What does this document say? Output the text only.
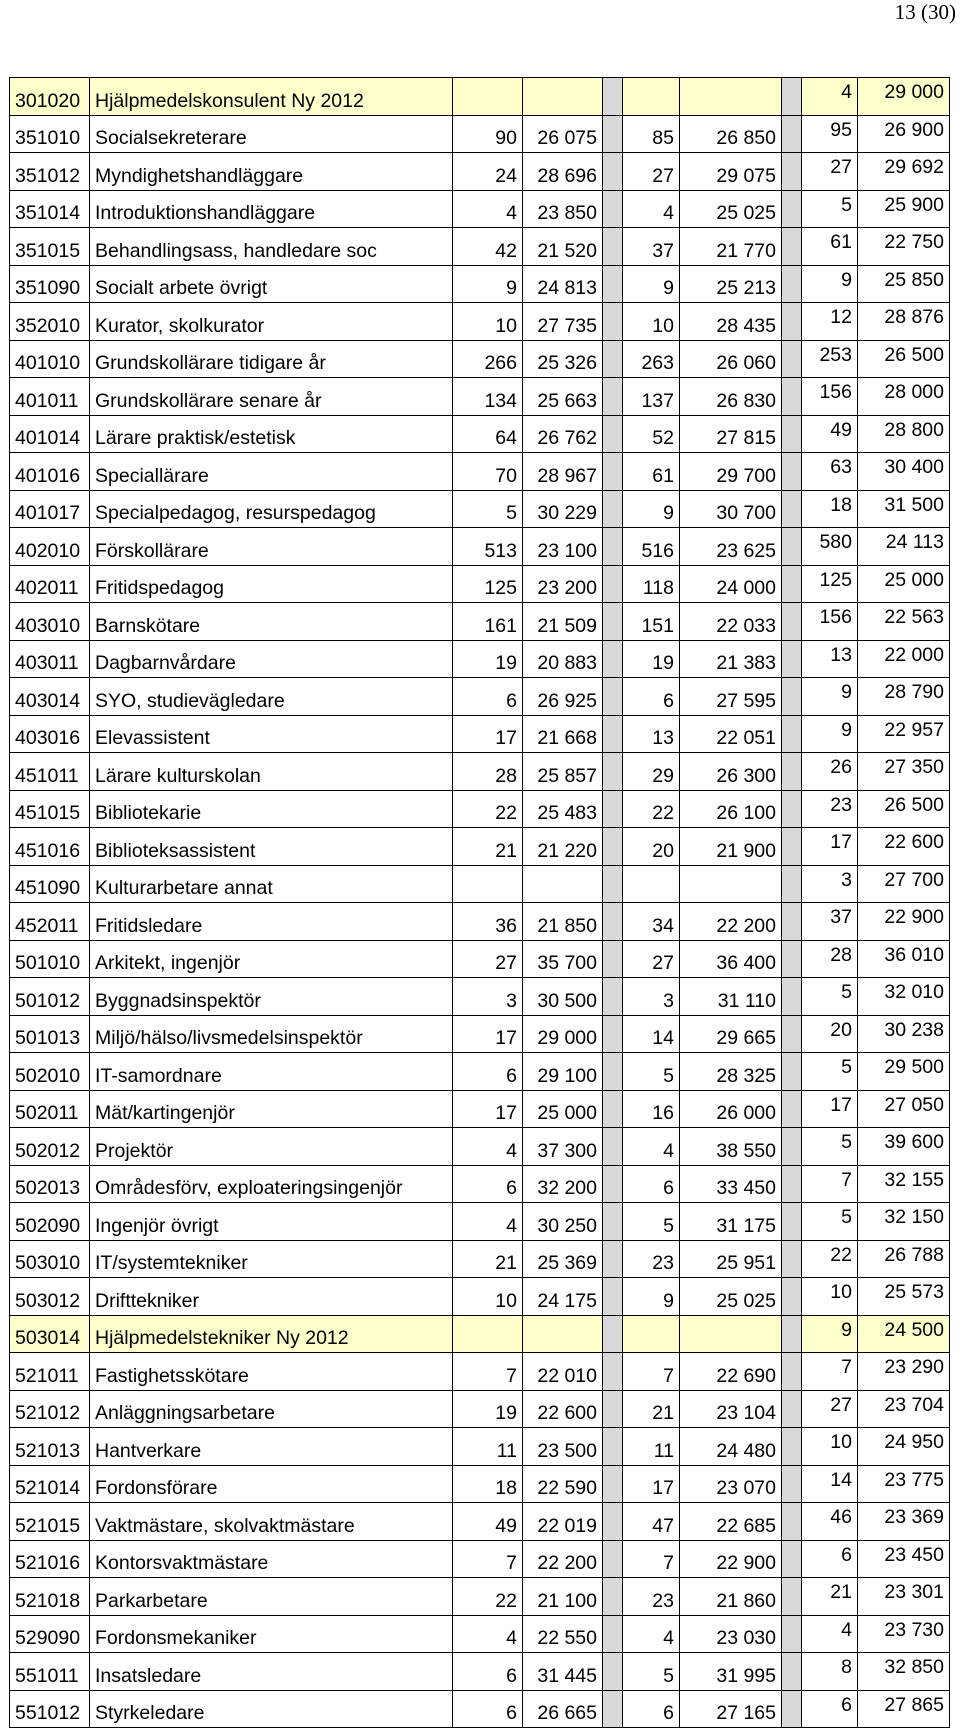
13 (30)
301020	Hjälpmedelskonsulent Ny 2012							4	29 000
351010	Socialsekreterare	90	26 075		85	26 850		95	26 900
351012	Myndighetshandläggare	24	28 696		27	29 075		27	29 692
351014	Introduktionshandläggare	4	23 850		4	25 025		5	25 900
351015	Behandlingsass, handledare soc	42	21 520		37	21 770		61	22 750
351090	Socialt arbete övrigt	9	24 813		9	25 213		9	25 850
352010	Kurator, skolkurator	10	27 735		10	28 435		12	28 876
401010	Grundskollärare tidigare år	266	25 326		263	26 060		253	26 500
401011	Grundskollärare senare år	134	25 663		137	26 830		156	28 000
401014	Lärare praktisk/estetisk	64	26 762		52	27 815		49	28 800
401016	Speciallärare	70	28 967		61	29 700		63	30 400
401017	Specialpedagog, resurspedagog	5	30 229		9	30 700		18	31 500
402010	Förskollärare	513	23 100		516	23 625		580	24 113
402011	Fritidspedagog	125	23 200		118	24 000		125	25 000
403010	Barnskötare	161	21 509		151	22 033		156	22 563
403011	Dagbarnvårdare	19	20 883		19	21 383		13	22 000
403014	SYO, studievägledare	6	26 925		6	27 595		9	28 790
403016	Elevassistent	17	21 668		13	22 051		9	22 957
451011	Lärare kulturskolan	28	25 857		29	26 300		26	27 350
451015	Bibliotekarie	22	25 483		22	26 100		23	26 500
451016	Biblioteksassistent	21	21 220		20	21 900		17	22 600
451090	Kulturarbetare annat							3	27 700
452011	Fritidsledare	36	21 850		34	22 200		37	22 900
501010	Arkitekt, ingenjör	27	35 700		27	36 400		28	36 010
501012	Byggnadsinspektör	3	30 500		3	31 110		5	32 010
501013	Miljö/hälso/livsmedelsinspektör	17	29 000		14	29 665		20	30 238
502010	IT-samordnare	6	29 100		5	28 325		5	29 500
502011	Mät/kartingenjör	17	25 000		16	26 000		17	27 050
502012	Projektör	4	37 300		4	38 550		5	39 600
502013	Områdesförv, exploateringsingenjör	6	32 200		6	33 450		7	32 155
502090	Ingenjör övrigt	4	30 250		5	31 175		5	32 150
503010	IT/systemtekniker	21	25 369		23	25 951		22	26 788
503012	Drifttekniker	10	24 175		9	25 025		10	25 573
503014	Hjälpmedelstekniker Ny 2012							9	24 500
521011	Fastighetsskötare	7	22 010		7	22 690		7	23 290
521012	Anläggningsarbetare	19	22 600		21	23 104		27	23 704
521013	Hantverkare	11	23 500		11	24 480		10	24 950
521014	Fordonsförare	18	22 590		17	23 070		14	23 775
521015	Vaktmästare, skolvaktmästare	49	22 019		47	22 685		46	23 369
521016	Kontorsvaktmästare	7	22 200		7	22 900		6	23 450
521018	Parkarbetare	22	21 100		23	21 860		21	23 301
529090	Fordonsmekaniker	4	22 550		4	23 030		4	23 730
551011	Insatsledare	6	31 445		5	31 995		8	32 850
551012	Styrkeledare	6	26 665		6	27 165		6	27 865
